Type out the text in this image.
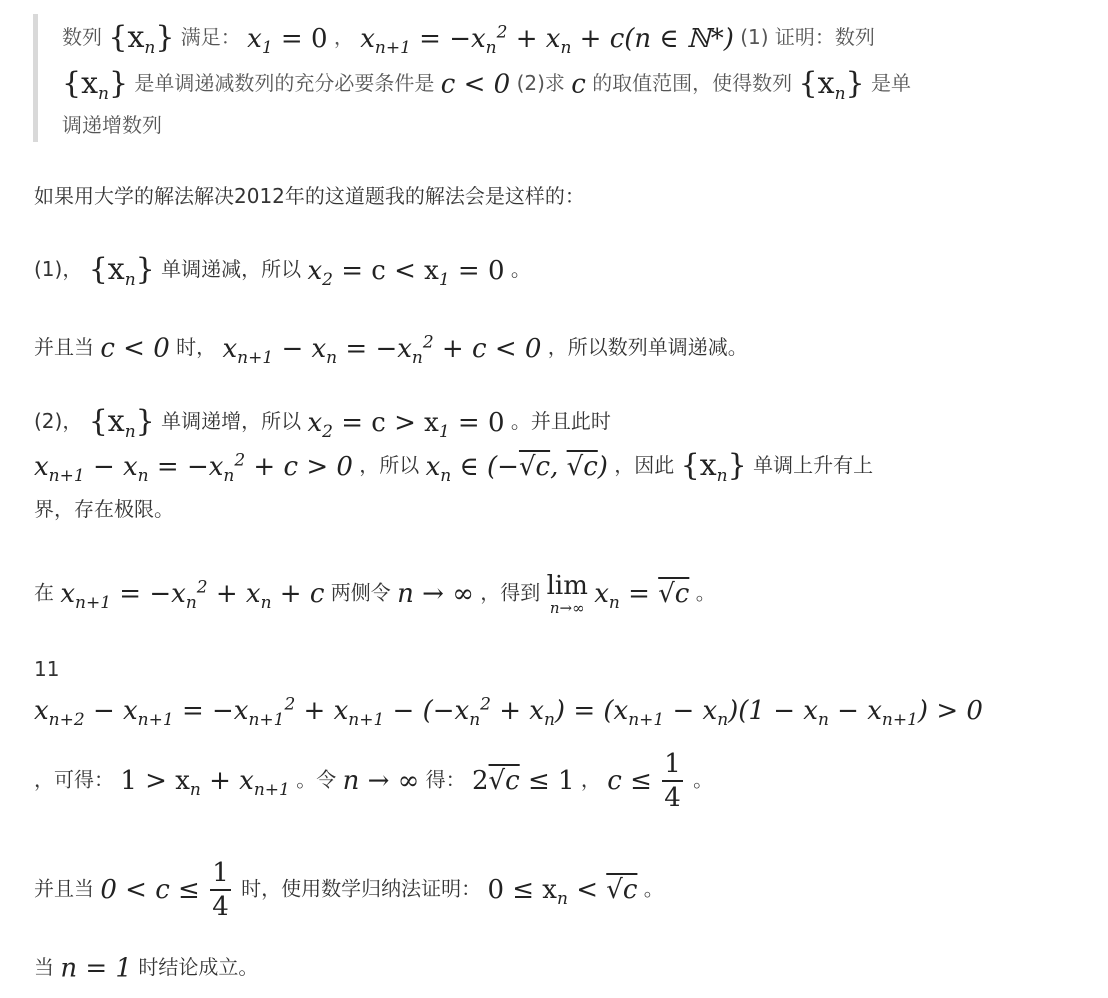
数列 $\{x_n\}$ 满足： $x_1 = 0$ ， $x_{n+1} = -x_n^2 + x_n + c(n$ ∈ ℕ*) (1) 证明：数列
$\{x_n\}$ 是单调递减数列的充分必要条件是 c < 0 (2)求 c 的取值范围，使得数列 $\{x_n\}$ 是单
调递增数列
如果用大学的解法解决2012年的这道题我的解法会是这样的：
(1)， $\{x_n\}$ 单调递减，所以 $x_2 = c < x_1 = 0$ 。
并且当 c < 0 时， $x_{n+1} - x_n = -x_n^2 + c < 0$ ，所以数列单调递减。
(2)， $\{x_n\}$ 单调递增，所以 $x_2 = c > x_1 = 0$ 。并且此时
$x_{n+1} - x_n = -x_n^2 + c > 0$ ，所以 $x_n$ ∈ (−√c, √c) ，因此 $\{x_n\}$ 单调上升有上
界，存在极限。
在 $x_{n+1} = -x_n^2 + x_n + c$ 两侧令 n → ∞ ，得到 lim
n→∞ $x_n = √c$ 。
11
$x_{n+2} - x_{n+1} = -x_{n+1}^2 + x_{n+1} - (-x_n^2 + x_n) = (x_{n+1} - x_n)(1 - x_n - x_{n+1}) > 0$
，可得： $1 > x_n + x_{n+1}$ 。令 n → ∞ 得： 2√c ≤ 1 ， $c \le \frac{1}{4}$ 。
并且当 $0 < c \le \frac{1}{4}$ 时，使用数学归纳法证明： $0 \le x_n < √c$ 。
当 n = 1 时结论成立。
